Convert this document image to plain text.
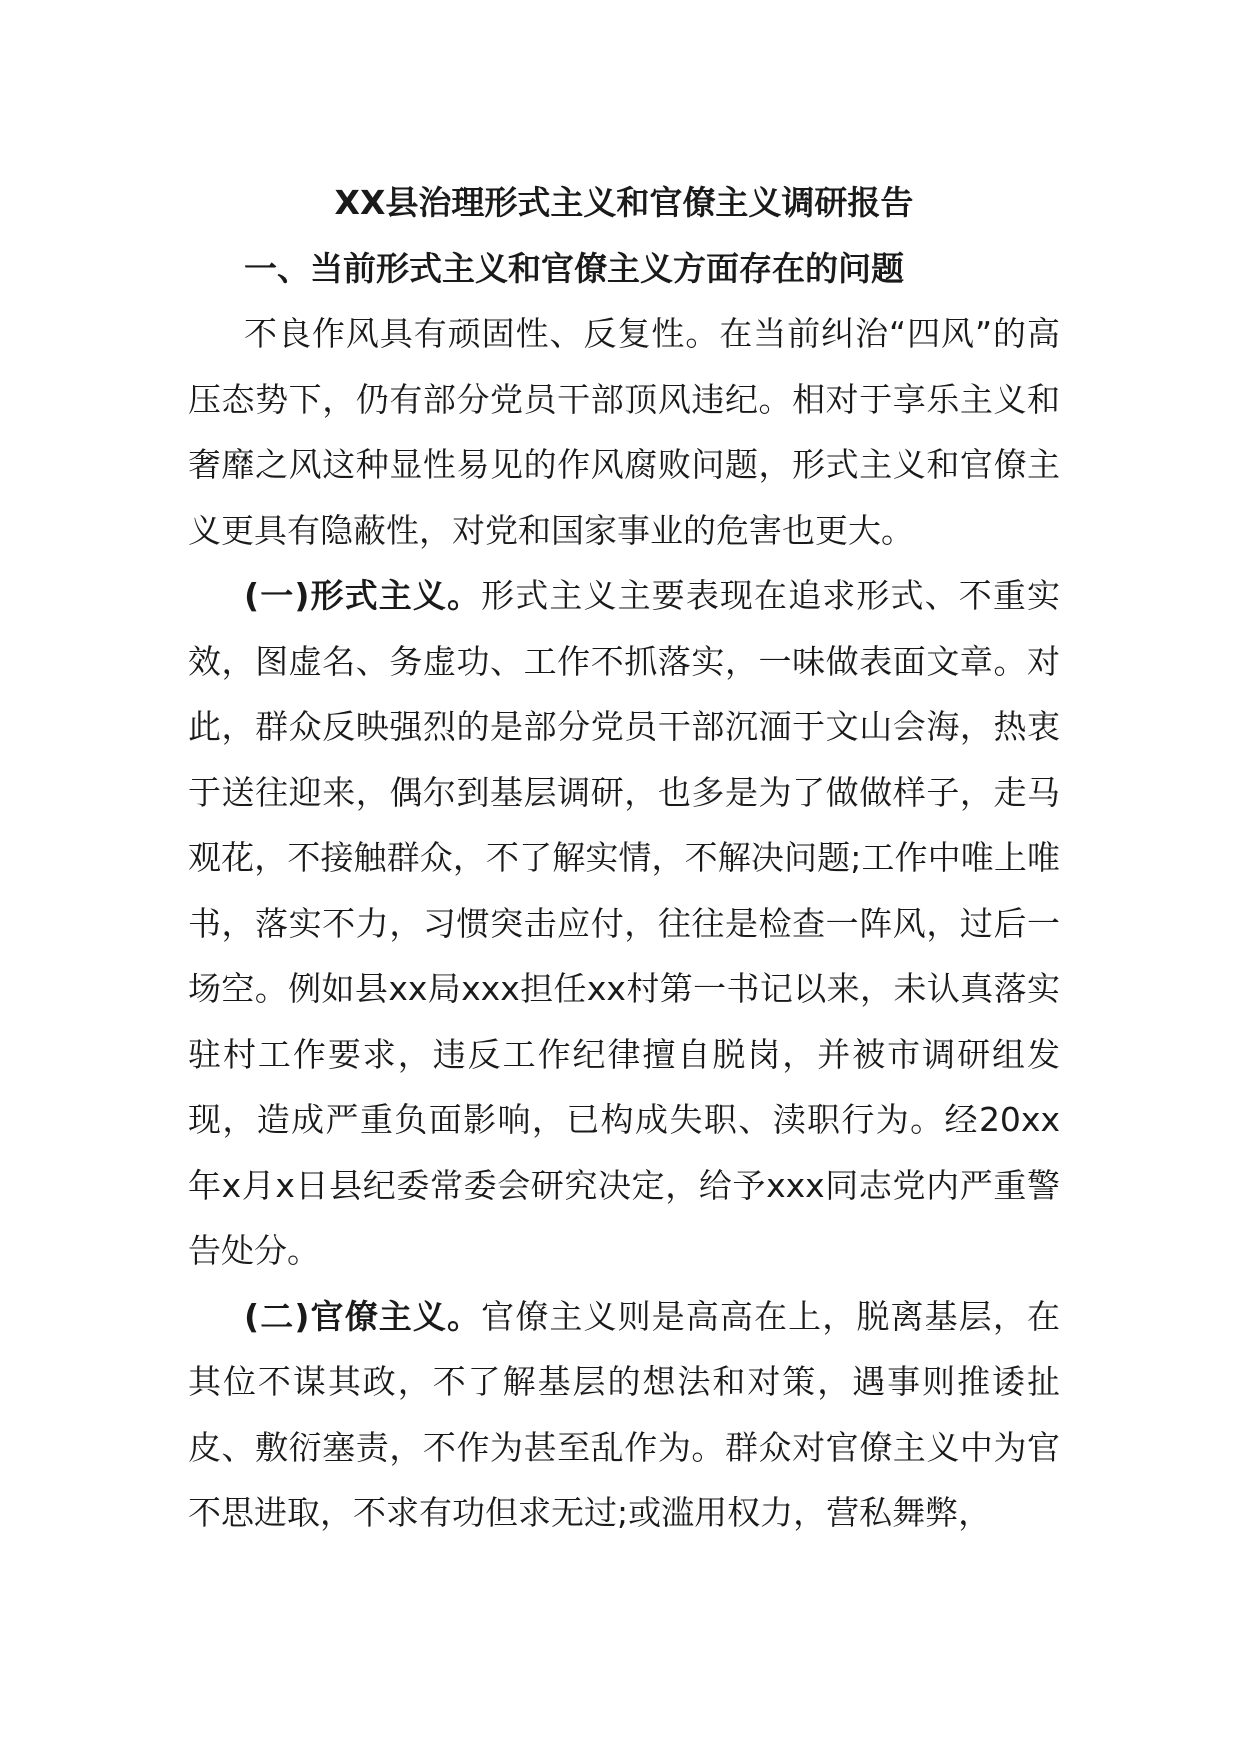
XX县治理形式主义和官僚主义调研报告
一、当前形式主义和官僚主义方面存在的问题

不良作风具有顽固性、反复性。在当前纠治“四风”的高压态势下，仍有部分党员干部顶风违纪。相对于享乐主义和奢靡之风这种显性易见的作风腐败问题，形式主义和官僚主义更具有隐蔽性，对党和国家事业的危害也更大。

(一)形式主义。形式主义主要表现在追求形式、不重实效，图虚名、务虚功、工作不抓落实，一味做表面文章。对此，群众反映强烈的是部分党员干部沉湎于文山会海，热衷于送往迎来，偶尔到基层调研，也多是为了做做样子，走马观花，不接触群众，不了解实情，不解决问题;工作中唯上唯书，落实不力，习惯突击应付，往往是检查一阵风，过后一场空。例如县xx局xxx担任xx村第一书记以来，未认真落实驻村工作要求，违反工作纪律擅自脱岗，并被市调研组发现，造成严重负面影响，已构成失职、渎职行为。经20xx年x月x日县纪委常委会研究决定，给予xxx同志党内严重警告处分。

(二)官僚主义。官僚主义则是高高在上，脱离基层，在其位不谋其政，不了解基层的想法和对策，遇事则推诿扯皮、敷衍塞责，不作为甚至乱作为。群众对官僚主义中为官不思进取，不求有功但求无过;或滥用权力，营私舞弊，
